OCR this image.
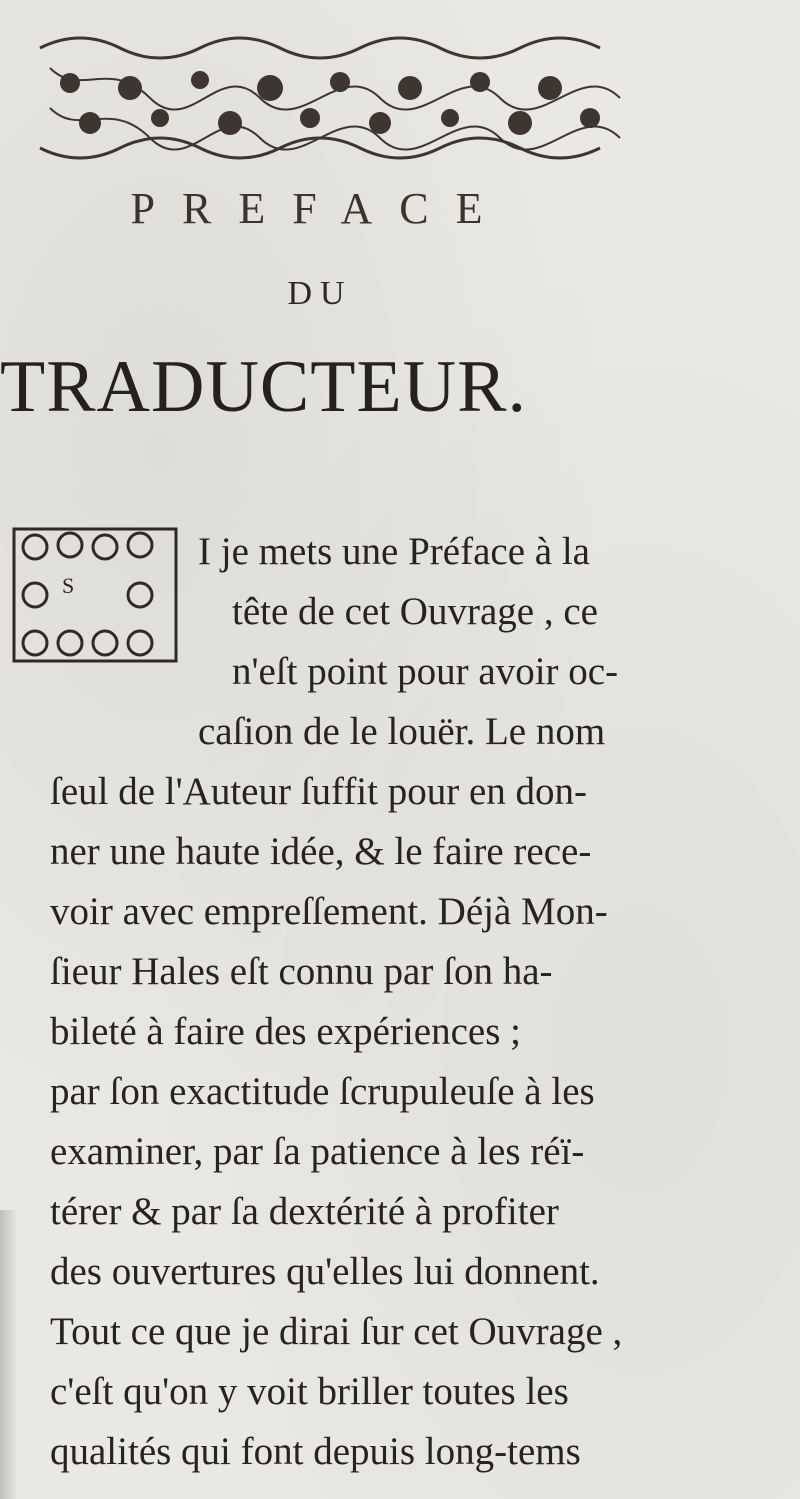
PREFACE
DU
TRADUCTEUR.
S
I je mets une Préface à la
tête de cet Ouvrage , ce
n'eſt point pour avoir oc-
caſion de le louër. Le nom
ſeul de l'Auteur ſuffit pour en don-
ner une haute idée, & le faire rece-
voir avec empreſſement. Déjà Mon-
ſieur Hales eſt connu par ſon ha-
bileté à faire des expériences ;
par ſon exactitude ſcrupuleuſe à les
examiner, par ſa patience à les réï-
térer & par ſa dextérité à profiter
des ouvertures qu'elles lui donnent.
Tout ce que je dirai ſur cet Ouvrage ,
c'eſt qu'on y voit briller toutes les
qualités qui font depuis long-tems
